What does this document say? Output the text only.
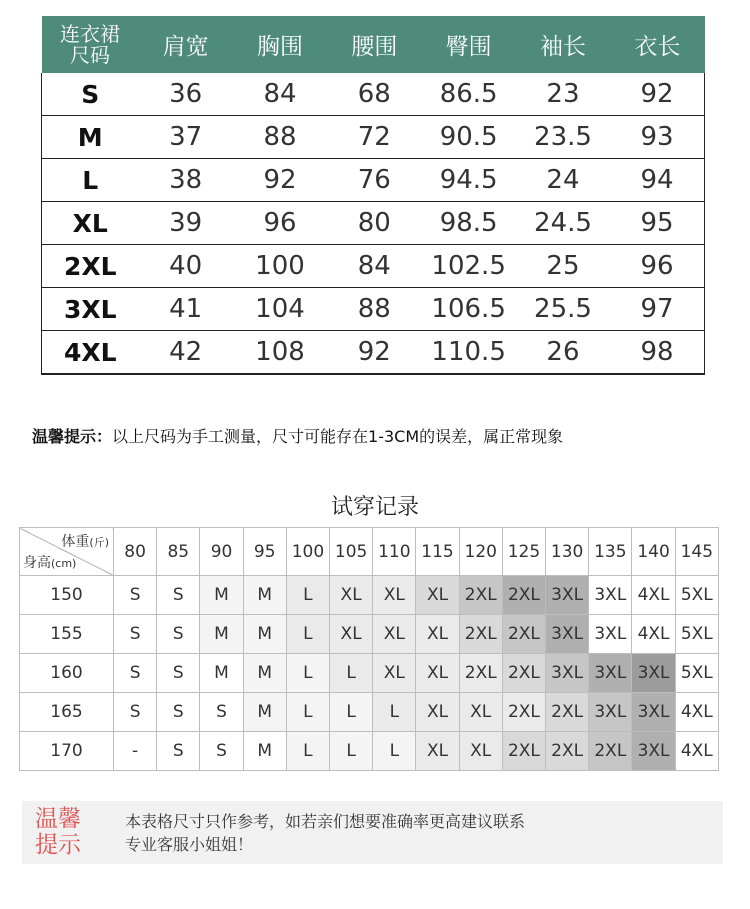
连衣裙
尺码	肩宽	胸围	腰围	臀围	袖长	衣长
S	36	84	68	86.5	23	92
M	37	88	72	90.5	23.5	93
L	38	92	76	94.5	24	94
XL	39	96	80	98.5	24.5	95
2XL	40	100	84	102.5	25	96
3XL	41	104	88	106.5	25.5	97
4XL	42	108	92	110.5	26	98
温馨提示：以上尺码为手工测量，尺寸可能存在1-3CM的误差，属正常现象
试穿记录
体重(斤)
身高(cm)	80	85	90	95	100	105	110	115	120	125	130	135	140	145
150	S	S	M	M	L	XL	XL	XL	2XL	2XL	3XL	3XL	4XL	5XL
155	S	S	M	M	L	XL	XL	XL	2XL	2XL	3XL	3XL	4XL	5XL
160	S	S	M	M	L	L	XL	XL	2XL	2XL	3XL	3XL	3XL	5XL
165	S	S	S	M	L	L	L	XL	XL	2XL	2XL	3XL	3XL	4XL
170	-	S	S	M	L	L	L	XL	XL	2XL	2XL	2XL	3XL	4XL
温馨提示
本表格尺寸只作参考，如若亲们想要准确率更高建议联系
专业客服小姐姐！
